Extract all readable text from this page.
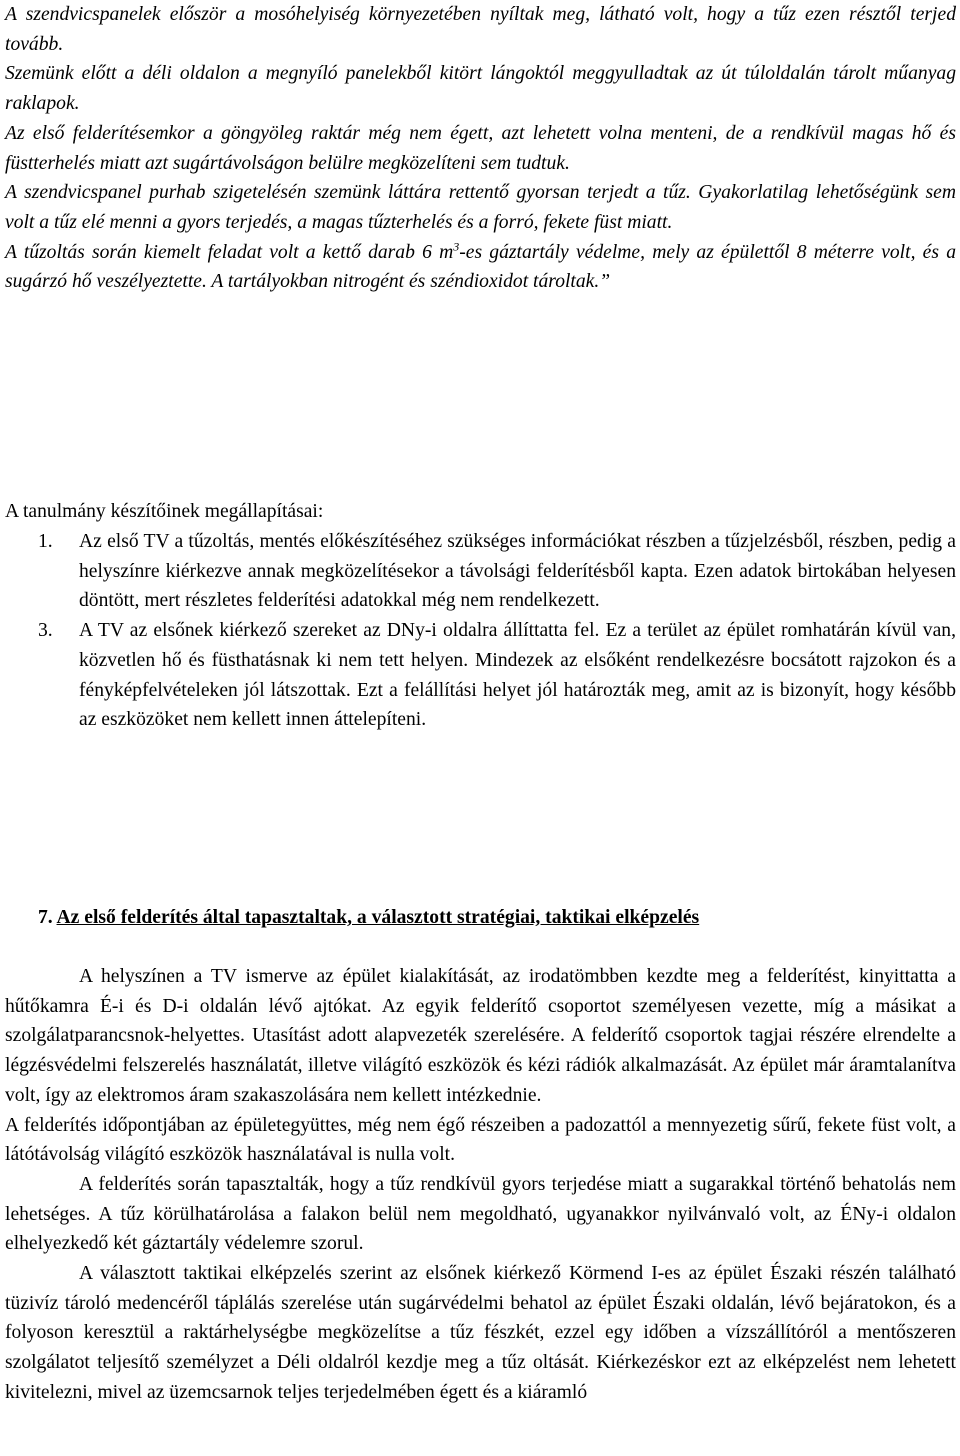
A szendvicspanelek először a mosóhelyiség környezetében nyíltak meg, látható volt, hogy a tűz ezen résztől terjed tovább.

Szemünk előtt a déli oldalon a megnyíló panelekből kitört lángoktól meggyulladtak az út túloldalán tárolt műanyag raklapok.

Az első felderítésemkor a göngyöleg raktár még nem égett, azt lehetett volna menteni, de a rendkívül magas hő és füstterhelés miatt azt sugártávolságon belülre megközelíteni sem tudtuk.

A szendvicspanel purhab szigetelésén szemünk láttára rettentő gyorsan terjedt a tűz. Gyakorlatilag lehetőségünk sem volt a tűz elé menni a gyors terjedés, a magas tűzterhelés és a forró, fekete füst miatt.

A tűzoltás során kiemelt feladat volt a kettő darab 6 $m^3-es$ gáztartály védelme, mely az épülettől 8 méterre volt, és a sugárzó hő veszélyeztette. A tartályokban nitrogént és széndioxidot tároltak.”

A tanulmány készítőinek megállapításai:
1.	Az első TV a tűzoltás, mentés előkészítéséhez szükséges információkat részben a tűzjelzésből, részben, pedig a helyszínre kiérkezve annak megközelítésekor a távolsági felderítésből kapta. Ezen adatok birtokában helyesen döntött, mert részletes felderítési adatokkal még nem rendelkezett.
3.	A TV az elsőnek kiérkező szereket az DNy-i oldalra állíttatta fel. Ez a terület az épület romhatárán kívül van, közvetlen hő és füsthatásnak ki nem tett helyen. Mindezek az elsőként rendelkezésre bocsátott rajzokon és a fényképfelvételeken jól látszottak. Ezt a felállítási helyet jól határozták meg, amit az is bizonyít, hogy később az eszközöket nem kellett innen áttelepíteni.
7. Az első felderítés által tapasztaltak, a választott stratégiai, taktikai elképzelés

A helyszínen a TV ismerve az épület kialakítását, az irodatömbben kezdte meg a felderítést, kinyittatta a hűtőkamra É-i és D-i oldalán lévő ajtókat. Az egyik felderítő csoportot személyesen vezette, míg a másikat a szolgálatparancsnok-helyettes. Utasítást adott alapvezeték szerelésére. A felderítő csoportok tagjai részére elrendelte a légzésvédelmi felszerelés használatát, illetve világító eszközök és kézi rádiók alkalmazását. Az épület már áramtalanítva volt, így az elektromos áram szakaszolására nem kellett intézkednie.

A felderítés időpontjában az épületegyüttes, még nem égő részeiben a padozattól a mennyezetig sűrű, fekete füst volt, a látótávolság világító eszközök használatával is nulla volt.

A felderítés során tapasztalták, hogy a tűz rendkívül gyors terjedése miatt a sugarakkal történő behatolás nem lehetséges. A tűz körülhatárolása a falakon belül nem megoldható, ugyanakkor nyilvánvaló volt, az ÉNy-i oldalon elhelyezkedő két gáztartály védelemre szorul.

A választott taktikai elképzelés szerint az elsőnek kiérkező Körmend I-es az épület Északi részén található tüzivíz tároló medencéről táplálás szerelése után sugárvédelmi behatol az épület Északi oldalán, lévő bejáratokon, és a folyoson keresztül a raktárhelységbe megközelítse a tűz fészkét, ezzel egy időben a vízszállítóról a mentőszeren szolgálatot teljesítő személyzet a Déli oldalról kezdje meg a tűz oltását. Kiérkezéskor ezt az elképzelést nem lehetett kivitelezni, mivel az üzemcsarnok teljes terjedelmében égett és a kiáramló
